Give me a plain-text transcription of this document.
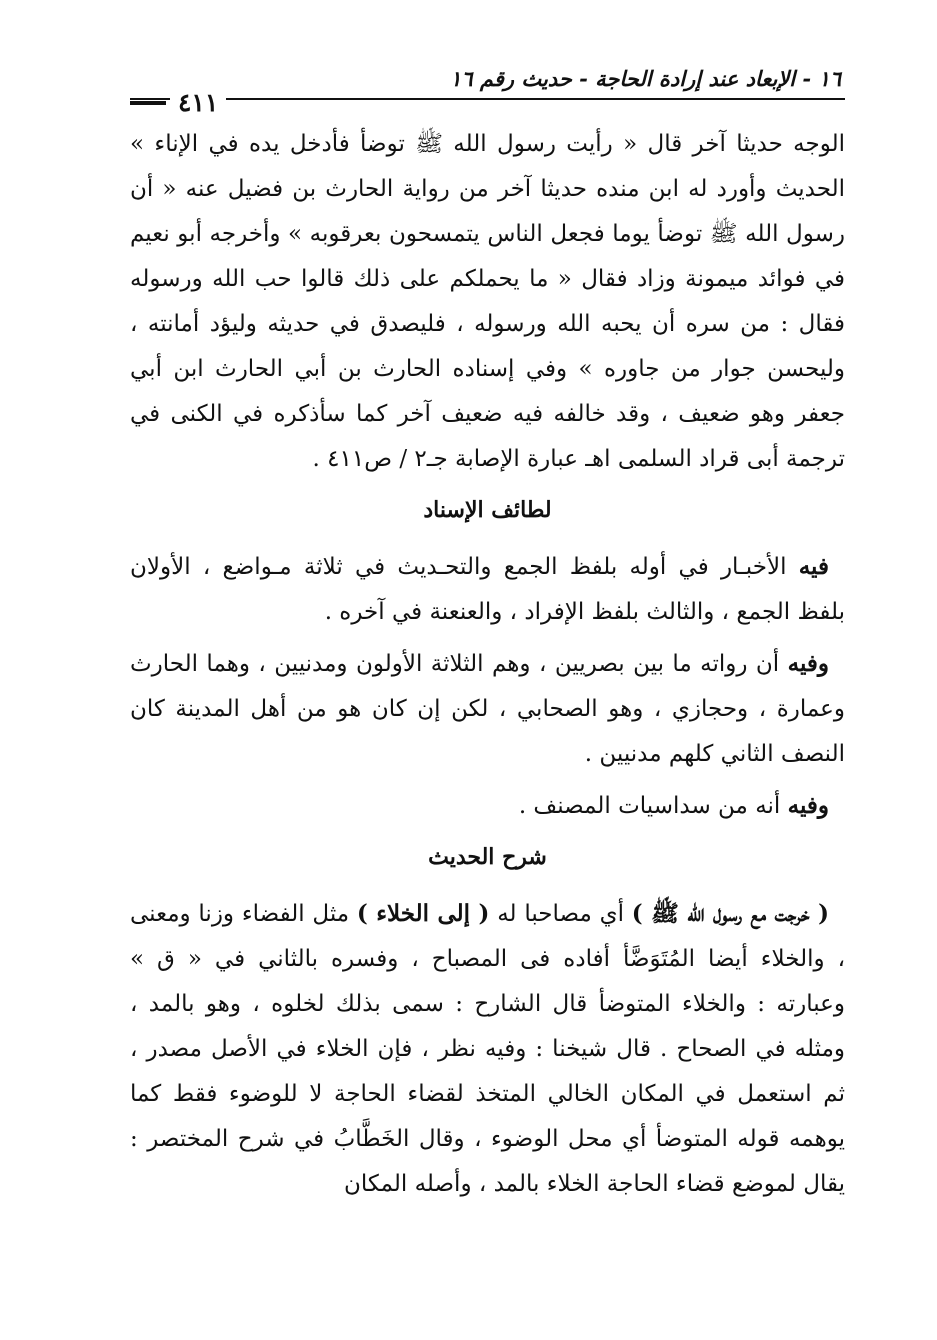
١٦ - الإبعاد عند إرادة الحاجة - حديث رقم ١٦
٤١١

الوجه حديثا آخر قال « رأيت رسول الله ﷺ توضأ فأدخل يده في الإناء » الحديث وأورد له ابن منده حديثا آخر من رواية الحارث بن فضيل عنه « أن رسول الله ﷺ توضأ يوما فجعل الناس يتمسحون بعرقوبه » وأخرجه أبو نعيم في فوائد ميمونة وزاد فقال « ما يحملكم على ذلك قالوا حب الله ورسوله فقال : من سره أن يحبه الله ورسوله ، فليصدق في حديثه وليؤد أمانته ، وليحسن جوار من جاوره » وفي إسناده الحارث بن أبي الحارث ابن أبي جعفر وهو ضعيف ، وقد خالفه فيه ضعيف آخر كما سأذكره في الكنى في ترجمة أبى قراد السلمى اهـ عبارة الإصابة جـ٢ / ص٤١١ .

لطائف الإسناد

فيه الأخبـار في أوله بلفظ الجمع والتحـديث في ثلاثة مـواضع ، الأولان بلفظ الجمع ، والثالث بلفظ الإفراد ، والعنعنة في آخره .

وفيه أن رواته ما بين بصريين ، وهم الثلاثة الأولون ومدنيين ، وهما الحارث وعمارة ، وحجازي ، وهو الصحابي ، لكن إن كان هو من أهل المدينة كان النصف الثاني كلهم مدنيين .

وفيه أنه من سداسيات المصنف .

شرح الحديث

( خرجت مع رسول الله ﷺ ) أي مصاحبا له ( إلى الخلاء ) مثل الفضاء وزنا ومعنى ، والخلاء أيضا المُتَوَضَّأ أفاده فى المصباح ، وفسره بالثاني في « ق » وعبارته : والخلاء المتوضأ قال الشارح : سمى بذلك لخلوه ، وهو بالمد ، ومثله في الصحاح . قال شيخنا : وفيه نظر ، فإن الخلاء في الأصل مصدر ، ثم استعمل في المكان الخالي المتخذ لقضاء الحاجة لا للوضوء فقط كما يوهمه قوله المتوضأ أي محل الوضوء ، وقال الخَطَّابُ في شرح المختصر : يقال لموضع قضاء الحاجة الخلاء بالمد ، وأصله المكان
